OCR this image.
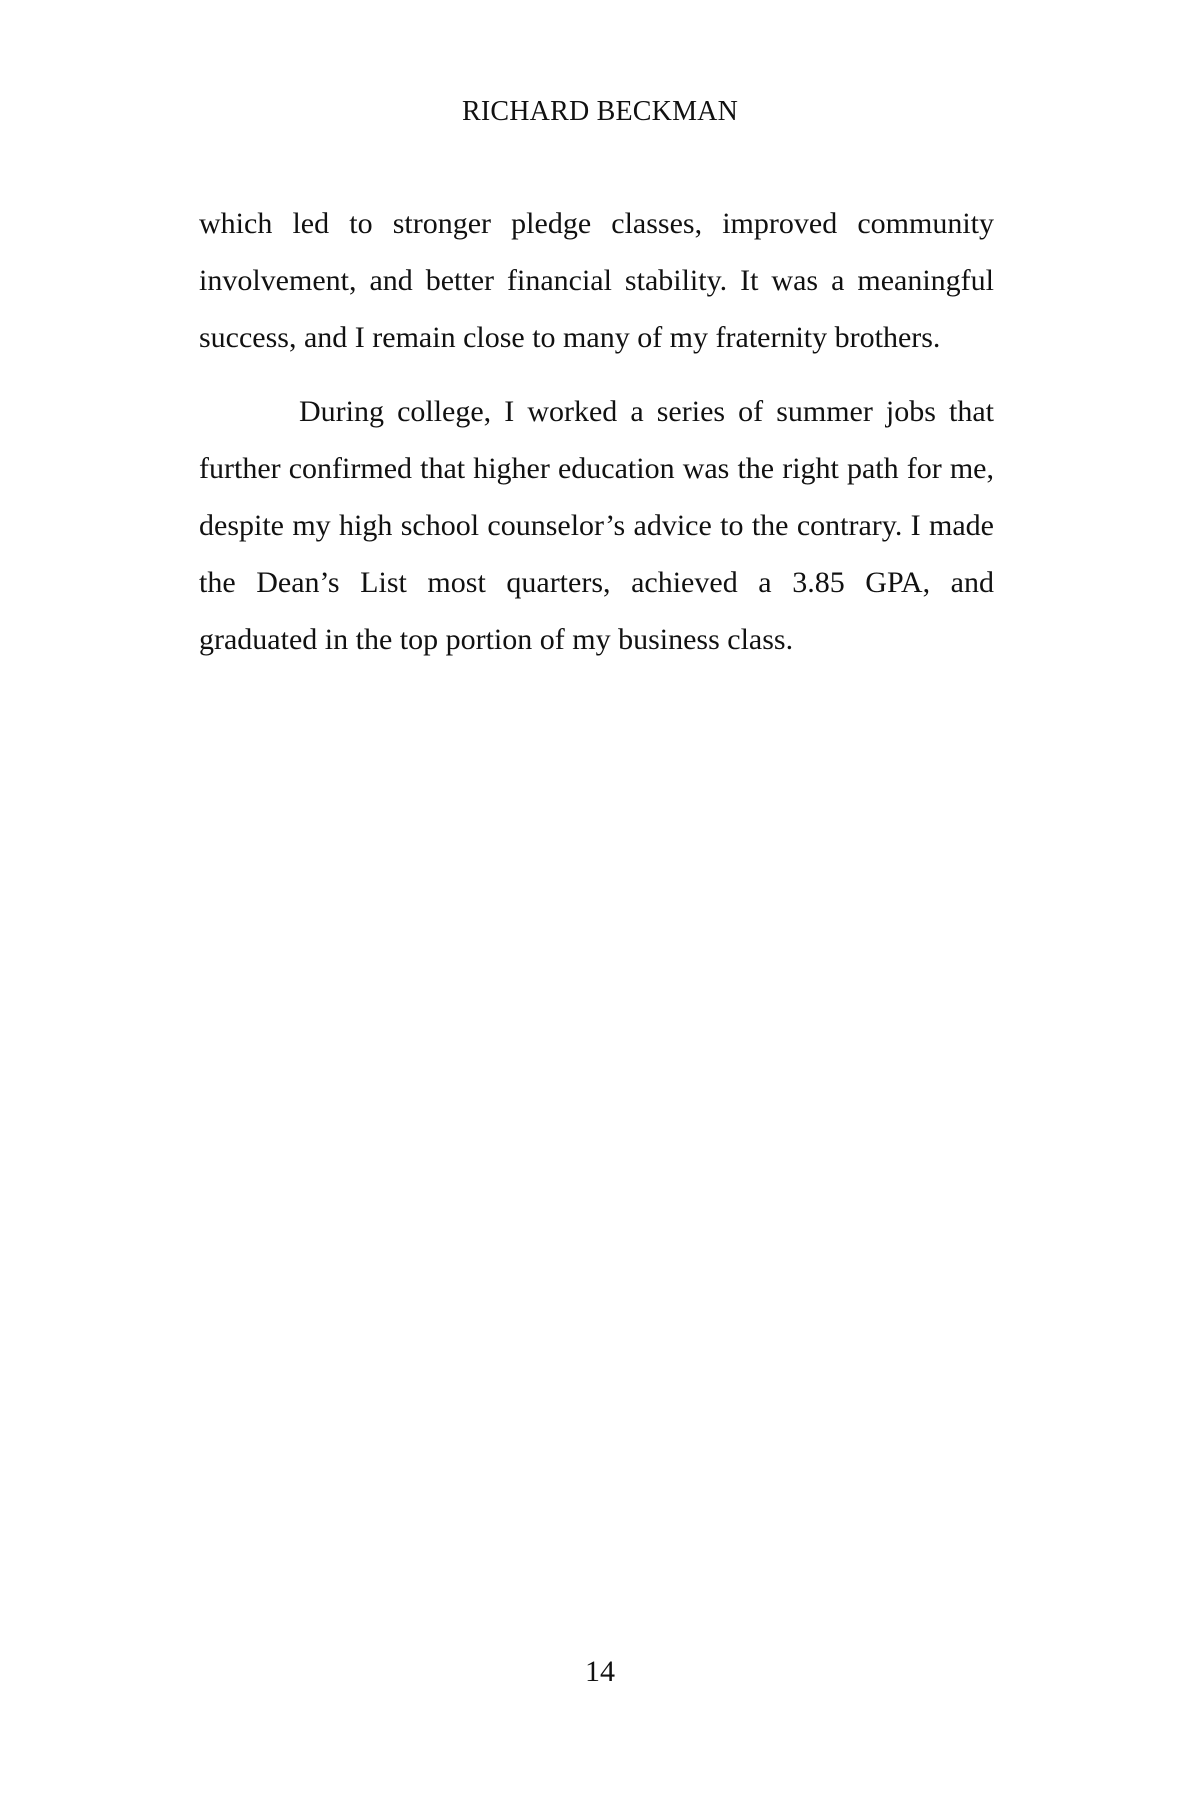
RICHARD BECKMAN

which led to stronger pledge classes, improved community involvement, and better financial stability. It was a meaningful success, and I remain close to many of my fraternity brothers.

During college, I worked a series of summer jobs that further confirmed that higher education was the right path for me, despite my high school counselor’s advice to the contrary. I made the Dean’s List most quarters, achieved a 3.85 GPA, and graduated in the top portion of my business class.

14
